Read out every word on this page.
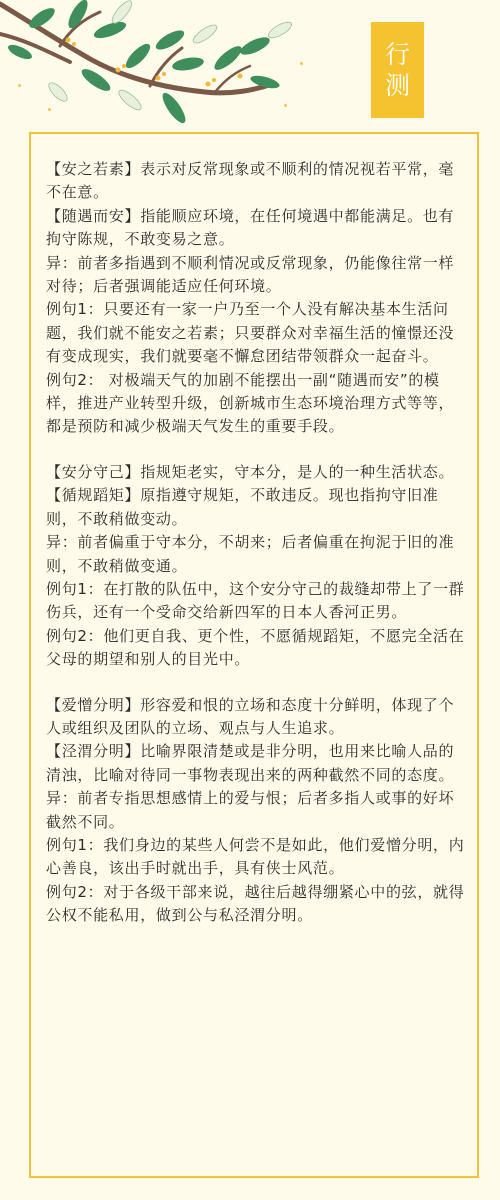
行
测

【安之若素】表示对反常现象或不顺利的情况视若平常，毫不在意。

【随遇而安】指能顺应环境，在任何境遇中都能满足。也有拘守陈规，不敢变易之意。

异：前者多指遇到不顺利情况或反常现象，仍能像往常一样对待；后者强调能适应任何环境。

例句1：只要还有一家一户乃至一个人没有解决基本生活问题，我们就不能安之若素；只要群众对幸福生活的憧憬还没有变成现实，我们就要毫不懈怠团结带领群众一起奋斗。

例句2： 对极端天气的加剧不能摆出一副“随遇而安”的模样，推进产业转型升级，创新城市生态环境治理方式等等，都是预防和减少极端天气发生的重要手段。

【安分守己】指规矩老实，守本分，是人的一种生活状态。

【循规蹈矩】原指遵守规矩，不敢违反。现也指拘守旧准则，不敢稍做变动。

异：前者偏重于守本分，不胡来；后者偏重在拘泥于旧的准则，不敢稍做变通。

例句1：在打散的队伍中，这个安分守己的裁缝却带上了一群伤兵，还有一个受命交给新四军的日本人香河正男。

例句2：他们更自我、更个性，不愿循规蹈矩，不愿完全活在父母的期望和别人的目光中。

【爱憎分明】形容爱和恨的立场和态度十分鲜明，体现了个人或组织及团队的立场、观点与人生追求。

【泾渭分明】比喻界限清楚或是非分明，也用来比喻人品的清浊，比喻对待同一事物表现出来的两种截然不同的态度。

异：前者专指思想感情上的爱与恨；后者多指人或事的好坏截然不同。

例句1：我们身边的某些人何尝不是如此，他们爱憎分明，内心善良，该出手时就出手，具有侠士风范。

例句2：对于各级干部来说，越往后越得绷紧心中的弦，就得公权不能私用，做到公与私泾渭分明。
